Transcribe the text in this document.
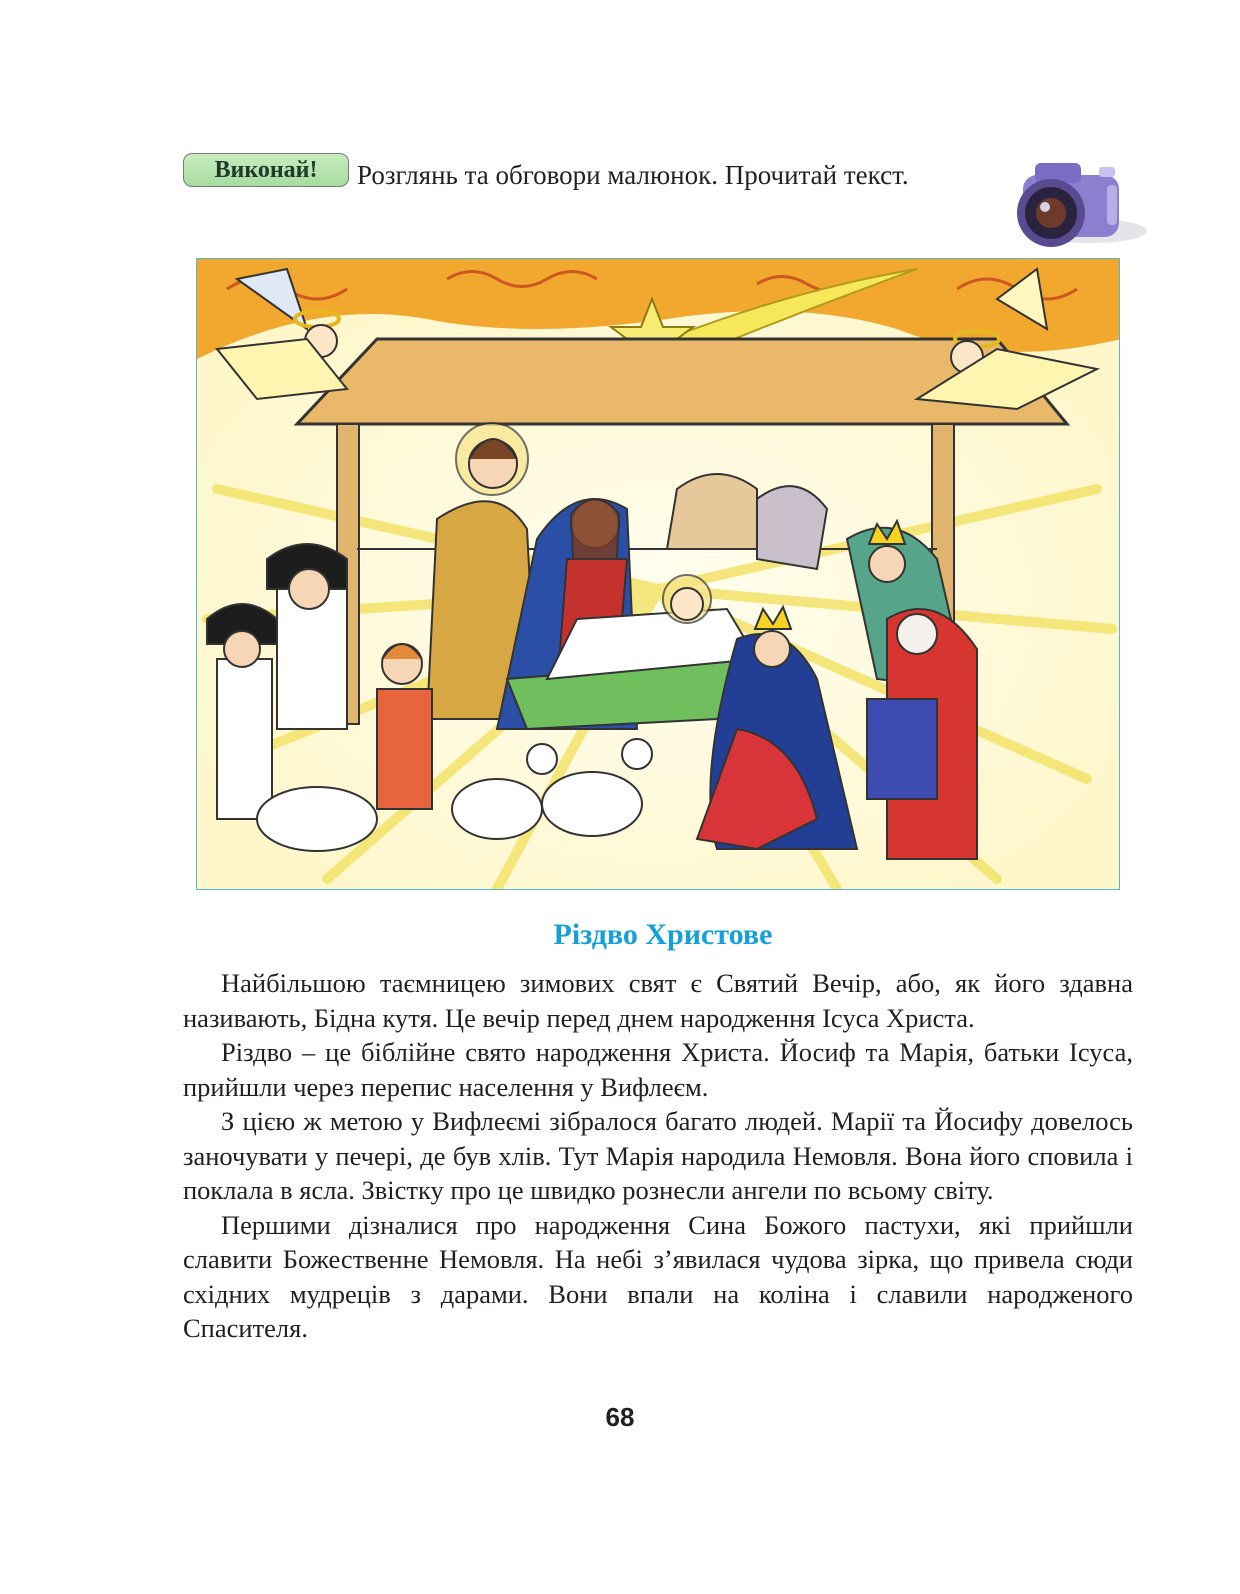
Виконай!	Розглянь та обговори малюнок. Прочитай текст.
Різдво Христове

Найбільшою таємницею зимових свят є Святий Вечір, або, як його здавна називають, Бідна кутя. Це вечір перед днем народження Ісуса Христа.

Різдво – це біблійне свято народження Христа. Йосиф та Марія, батьки Ісуса, прийшли через перепис населення у Вифлеєм.

З цією ж метою у Вифлеємі зібралося багато людей. Марії та Йосифу довелось заночувати у печері, де був хлів. Тут Марія народила Немовля. Вона його сповила і поклала в ясла. Звістку про це швидко рознесли ангели по всьому світу.

Першими дізналися про народження Сина Божого пастухи, які прийшли славити Божественне Немовля. На небі з’явилася чудова зірка, що привела сюди східних мудреців з дарами. Вони впали на коліна і славили народженого Спасителя.

68
